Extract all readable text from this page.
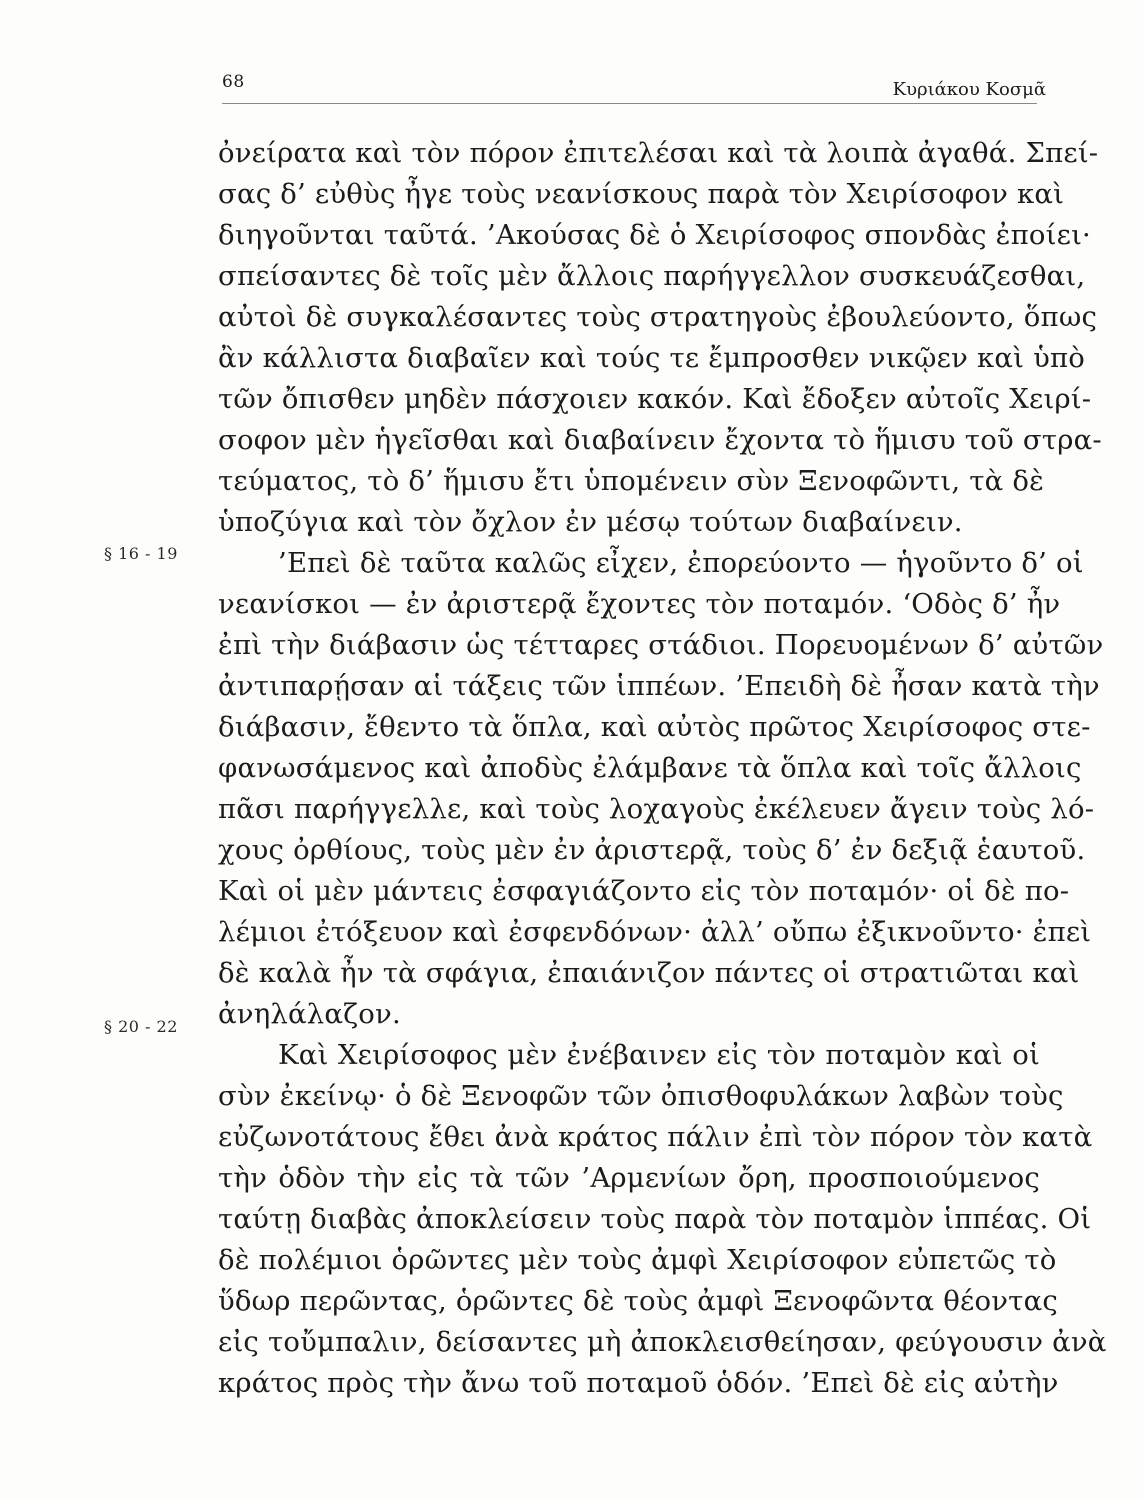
68	Κυριάκου Κοσμᾶ
§ 16 - 19
§ 20 - 22
ὀνείρατα καὶ τὸν πόρον ἐπιτελέσαι καὶ τὰ λοιπὰ ἀγαθά. Σπεί-
σας δ’ εὐθὺς ἦγε τοὺς νεανίσκους παρὰ τὸν Χειρίσοφον καὶ
διηγοῦνται ταῦτά. ’Ακούσας δὲ ὁ Χειρίσοφος σπονδὰς ἐποίει·
σπείσαντες δὲ τοῖς μὲν ἄλλοις παρήγγελλον συσκευάζεσθαι,
αὐτοὶ δὲ συγκαλέσαντες τοὺς στρατηγοὺς ἐβουλεύοντο, ὅπως
ἂν κάλλιστα διαβαῖεν καὶ τούς τε ἔμπροσθεν νικῷεν καὶ ὑπὸ
τῶν ὄπισθεν μηδὲν πάσχοιεν κακόν. Καὶ ἔδοξεν αὐτοῖς Χειρί-
σοφον μὲν ἡγεῖσθαι καὶ διαβαίνειν ἔχοντα τὸ ἥμισυ τοῦ στρα-
τεύματος, τὸ δ’ ἥμισυ ἔτι ὑπομένειν σὺν Ξενοφῶντι, τὰ δὲ
ὑποζύγια καὶ τὸν ὄχλον ἐν μέσῳ τούτων διαβαίνειν.
’Επεὶ δὲ ταῦτα καλῶς εἶχεν, ἐπορεύοντο — ἡγοῦντο δ’ οἱ
νεανίσκοι — ἐν ἀριστερᾷ ἔχοντες τὸν ποταμόν. ‘Οδὸς δ’ ἦν
ἐπὶ τὴν διάβασιν ὡς τέτταρες στάδιοι. Πορευομένων δ’ αὐτῶν
ἀντιπαρῄσαν αἱ τάξεις τῶν ἱππέων. ’Επειδὴ δὲ ἦσαν κατὰ τὴν
διάβασιν, ἔθεντο τὰ ὅπλα, καὶ αὐτὸς πρῶτος Χειρίσοφος στε-
φανωσάμενος καὶ ἀποδὺς ἐλάμβανε τὰ ὅπλα καὶ τοῖς ἄλλοις
πᾶσι παρήγγελλε, καὶ τοὺς λοχαγοὺς ἐκέλευεν ἄγειν τοὺς λό-
χους ὀρθίους, τοὺς μὲν ἐν ἀριστερᾷ, τοὺς δ’ ἐν δεξιᾷ ἑαυτοῦ.
Καὶ οἱ μὲν μάντεις ἐσφαγιάζοντο εἰς τὸν ποταμόν· οἱ δὲ πο-
λέμιοι ἐτόξευον καὶ ἐσφενδόνων· ἀλλ’ οὔπω ἐξικνοῦντο· ἐπεὶ
δὲ καλὰ ἦν τὰ σφάγια, ἐπαιάνιζον πάντες οἱ στρατιῶται καὶ
ἀνηλάλαζον.
Καὶ Χειρίσοφος μὲν ἐνέβαινεν εἰς τὸν ποταμὸν καὶ οἱ
σὺν ἐκείνῳ· ὁ δὲ Ξενοφῶν τῶν ὀπισθοφυλάκων λαβὼν τοὺς
εὐζωνοτάτους ἔθει ἀνὰ κράτος πάλιν ἐπὶ τὸν πόρον τὸν κατὰ
τὴν ὁδὸν τὴν εἰς τὰ τῶν ’Αρμενίων ὄρη, προσποιούμενος
ταύτῃ διαβὰς ἀποκλείσειν τοὺς παρὰ τὸν ποταμὸν ἱππέας. Οἱ
δὲ πολέμιοι ὁρῶντες μὲν τοὺς ἀμφὶ Χειρίσοφον εὐπετῶς τὸ
ὕδωρ περῶντας, ὁρῶντες δὲ τοὺς ἀμφὶ Ξενοφῶντα θέοντας
εἰς τοὔμπαλιν, δείσαντες μὴ ἀποκλεισθείησαν, φεύγουσιν ἀνὰ
κράτος πρὸς τὴν ἄνω τοῦ ποταμοῦ ὁδόν. ’Επεὶ δὲ εἰς αὐτὴν
